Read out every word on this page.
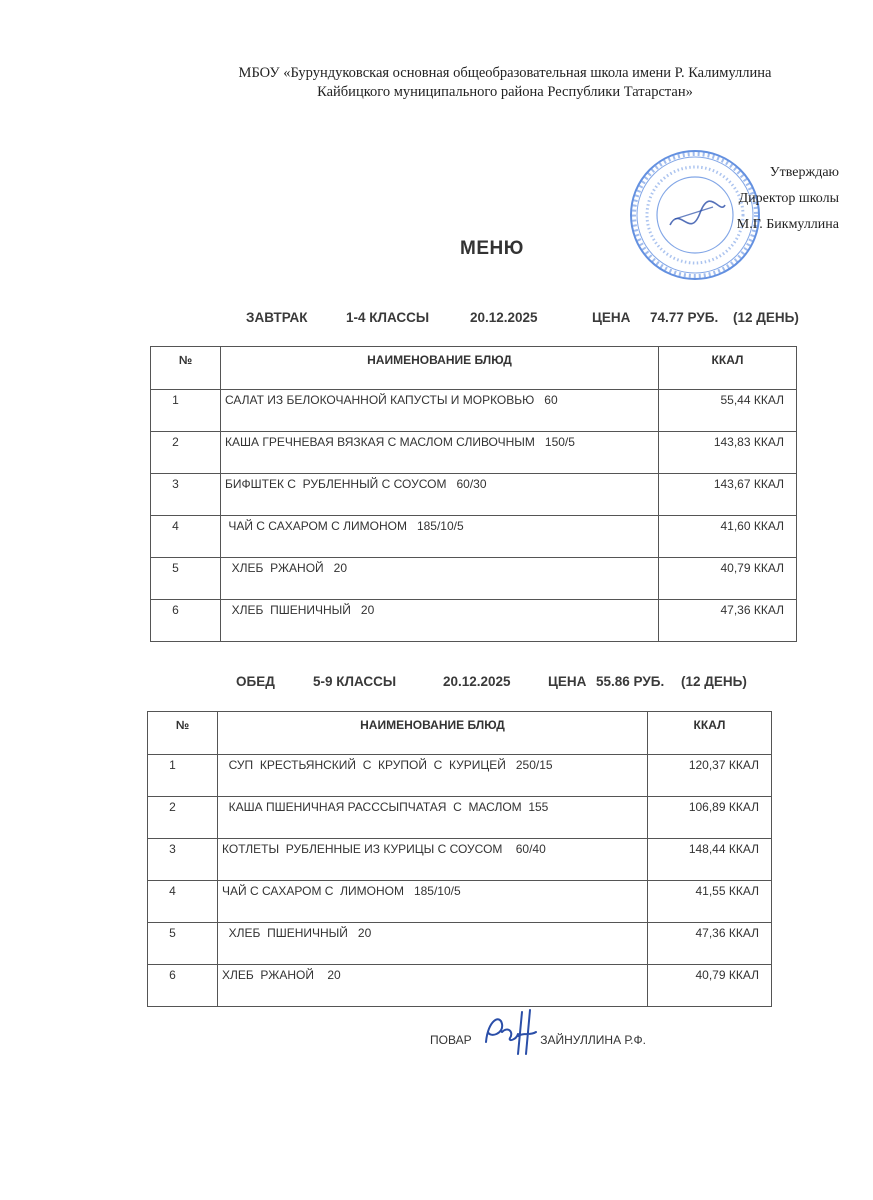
МБОУ «Бурундуковская основная общеобразовательная школа имени Р. Калимуллина
Кайбицкого муниципального района Республики Татарстан»
Утверждаю
Директор школы
М.Г. Бикмуллина
МЕНЮ
ЗАВТРАК	1-4 КЛАССЫ	20.12.2025	ЦЕНА 74.77 РУБ. (12 ДЕНЬ)
№	НАИМЕНОВАНИЕ БЛЮД	ККАЛ
1	САЛАТ ИЗ БЕЛОКОЧАННОЙ КАПУСТЫ И МОРКОВЬЮ   60	55,44 ККАЛ
2	КАША ГРЕЧНЕВАЯ ВЯЗКАЯ С МАСЛОМ СЛИВОЧНЫМ   150/5	143,83 ККАЛ
3	БИФШТЕК С  РУБЛЕННЫЙ С СОУСОМ   60/30	143,67 ККАЛ
4	ЧАЙ С САХАРОМ С ЛИМОНОМ   185/10/5	41,60 ККАЛ
5	ХЛЕБ  РЖАНОЙ   20	40,79 ККАЛ
6	ХЛЕБ  ПШЕНИЧНЫЙ   20	47,36 ККАЛ
ОБЕД	5-9 КЛАССЫ	20.12.2025	ЦЕНА 55.86 РУБ. (12 ДЕНЬ)
№	НАИМЕНОВАНИЕ БЛЮД	ККАЛ
1	СУП  КРЕСТЬЯНСКИЙ  С  КРУПОЙ  С  КУРИЦЕЙ   250/15	120,37 ККАЛ
2	КАША ПШЕНИЧНАЯ РАСССЫПЧАТАЯ  С  МАСЛОМ  155	106,89 ККАЛ
3	КОТЛЕТЫ  РУБЛЕННЫЕ ИЗ КУРИЦЫ С СОУСОМ    60/40	148,44 ККАЛ
4	ЧАЙ С САХАРОМ С  ЛИМОНОМ   185/10/5	41,55 ККАЛ
5	ХЛЕБ  ПШЕНИЧНЫЙ   20	47,36 ККАЛ
6	ХЛЕБ  РЖАНОЙ    20	40,79 ККАЛ
ПОВАР	ЗАЙНУЛЛИНА Р.Ф.
